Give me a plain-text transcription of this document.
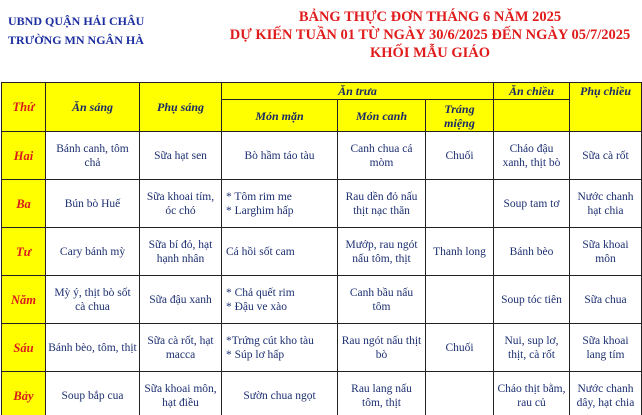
UBND QUẬN HẢI CHÂU
TRƯỜNG MN NGÂN HÀ
BẢNG THỰC ĐƠN THÁNG 6 NĂM 2025
DỰ KIẾN TUẦN 01 TỪ NGÀY 30/6/2025 ĐẾN NGÀY 05/7/2025
KHỐI MẪU GIÁO
Thứ	Ăn sáng	Phụ sáng	Ăn trưa			Ăn chiều	Phụ chiều
			Món mặn	Món canh	Tráng miệng		
Hai	Bánh canh, tôm chả	Sữa hạt sen	Bò hầm táo tàu	Canh chua cá mòm	Chuối	Cháo đậu xanh, thịt bò	Sữa cà rốt
Ba	Bún bò Huế	Sữa khoai tím, óc chó	* Tôm rim me
* Larghim hấp	Rau dền đỏ nấu thịt nạc thăn		Soup tam tơ	Nước chanh hạt chia
Tư	Cary bánh mỳ	Sữa bí đỏ, hạt hạnh nhân	Cá hồi sốt cam	Mướp, rau ngót nấu tôm, thịt	Thanh long	Bánh bèo	Sữa khoai môn
Năm	Mỳ ý, thịt bò sốt cà chua	Sữa đậu xanh	* Chả quết rim
* Đậu ve xào	Canh bầu nấu tôm		Soup tóc tiên	Sữa chua
Sáu	Bánh bèo, tôm, thịt	Sữa cà rốt, hạt macca	*Trứng cút kho tàu
* Súp lơ hấp	Rau ngót nấu thịt bò	Chuối	Nui, sup lơ, thịt, cà rốt	Sữa khoai lang tím
Bảy	Soup bắp cua	Sữa khoai môn, hạt điều	Sườn chua ngọt	Rau lang nấu tôm, thịt		Cháo thịt bằm, rau củ	Nước chanh dây, hạt chia
